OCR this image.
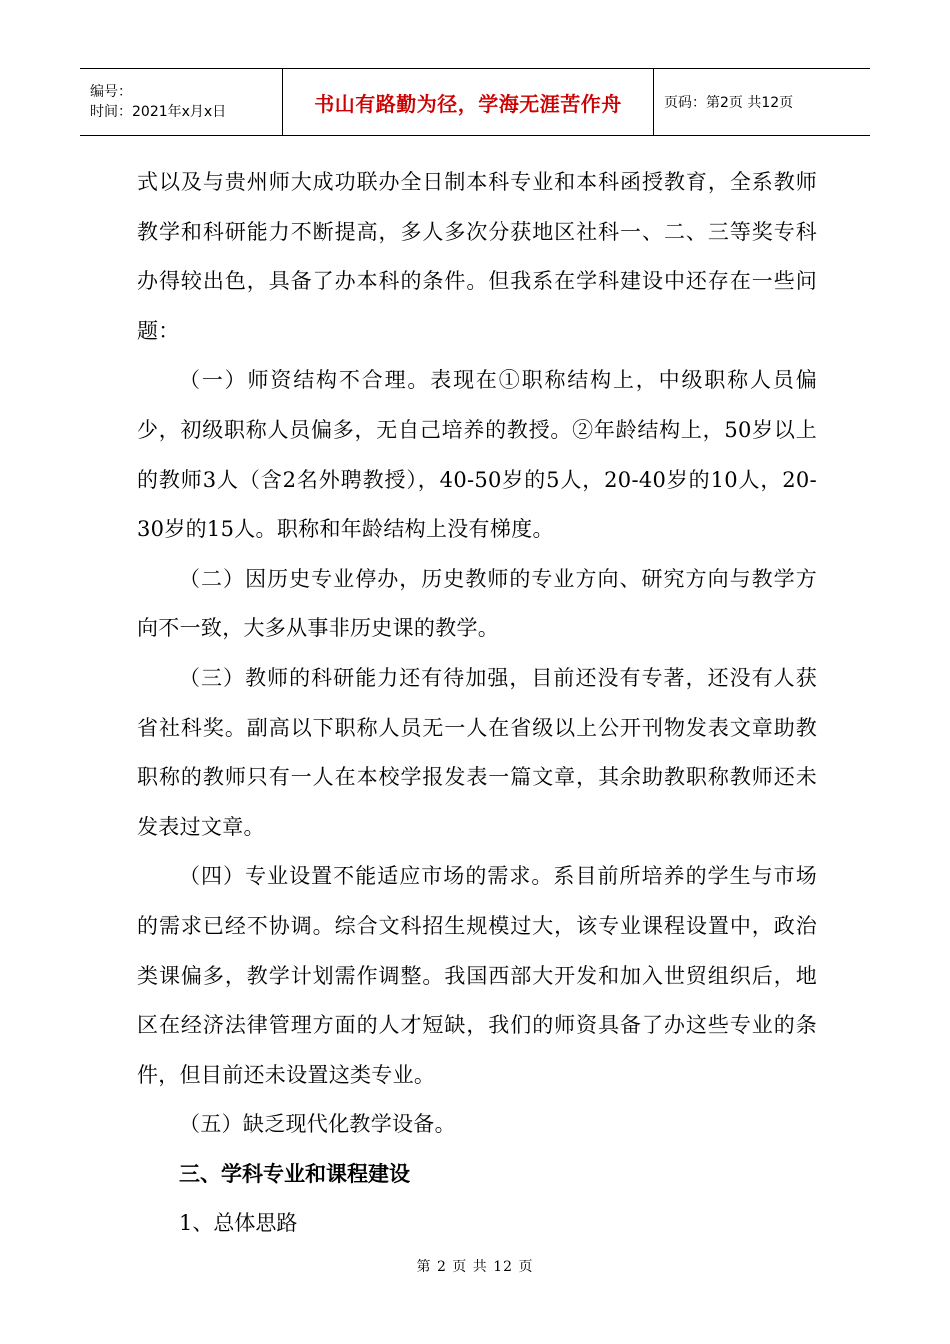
编号：
时间：2021年x月x日	书山有路勤为径，学海无涯苦作舟	页码：第2页 共12页

式以及与贵州师大成功联办全日制本科专业和本科函授教育，全系教师教学和科研能力不断提高，多人多次分获地区社科一、二、三等奖专科办得较出色，具备了办本科的条件。但我系在学科建设中还存在一些问题：

（一）师资结构不合理。表现在①职称结构上，中级职称人员偏少，初级职称人员偏多，无自己培养的教授。②年龄结构上，50岁以上的教师3人（含2名外聘教授），40-50岁的5人，20-40岁的10人，20-30岁的15人。职称和年龄结构上没有梯度。

（二）因历史专业停办，历史教师的专业方向、研究方向与教学方向不一致，大多从事非历史课的教学。

（三）教师的科研能力还有待加强，目前还没有专著，还没有人获省社科奖。副高以下职称人员无一人在省级以上公开刊物发表文章助教职称的教师只有一人在本校学报发表一篇文章，其余助教职称教师还未发表过文章。

（四）专业设置不能适应市场的需求。系目前所培养的学生与市场的需求已经不协调。综合文科招生规模过大，该专业课程设置中，政治类课偏多，教学计划需作调整。我国西部大开发和加入世贸组织后，地区在经济法律管理方面的人才短缺，我们的师资具备了办这些专业的条件，但目前还未设置这类专业。

（五）缺乏现代化教学设备。

三、学科专业和课程建设

1、总体思路

第 2 页 共 12 页
